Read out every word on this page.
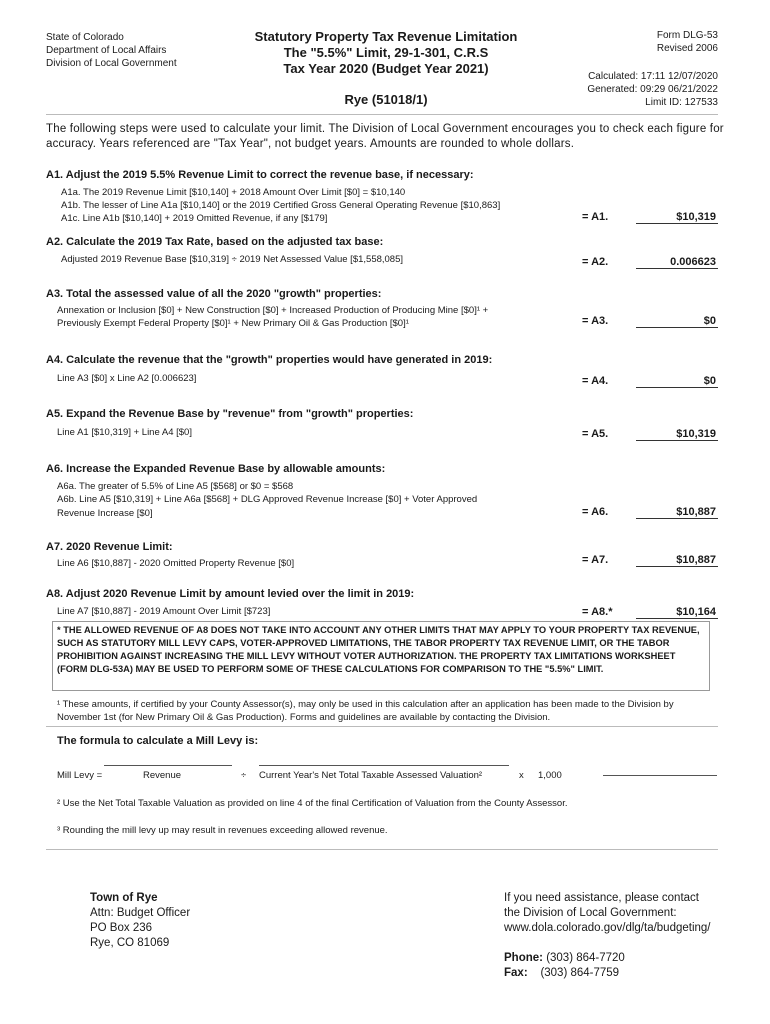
State of Colorado
Department of Local Affairs
Division of Local Government
Statutory Property Tax Revenue Limitation
The "5.5%" Limit, 29-1-301, C.R.S
Tax Year 2020 (Budget Year 2021)
Rye (51018/1)
Form DLG-53
Revised 2006
Calculated: 17:11 12/07/2020
Generated: 09:29 06/21/2022
Limit ID: 127533
The following steps were used to calculate your limit. The Division of Local Government encourages you to check each figure for
accuracy. Years referenced are "Tax Year", not budget years. Amounts are rounded to whole dollars.
A1. Adjust the 2019 5.5% Revenue Limit to correct the revenue base, if necessary:
A1a. The 2019 Revenue Limit [$10,140] + 2018 Amount Over Limit [$0] = $10,140
A1b. The lesser of Line A1a [$10,140] or the 2019 Certified Gross General Operating Revenue [$10,863]
A1c. Line A1b [$10,140] + 2019 Omitted Revenue, if any [$179]	= A1.	$10,319
A2. Calculate the 2019 Tax Rate, based on the adjusted tax base:
Adjusted 2019 Revenue Base [$10,319] ÷ 2019 Net Assessed Value [$1,558,085]	= A2.	0.006623
A3. Total the assessed value of all the 2020 "growth" properties:
Annexation or Inclusion [$0] + New Construction [$0] + Increased Production of Producing Mine [$0]¹ +
Previously Exempt Federal Property [$0]¹ + New Primary Oil & Gas Production [$0]¹	= A3.	$0
A4. Calculate the revenue that the "growth" properties would have generated in 2019:
Line A3 [$0] x Line A2 [0.006623]	= A4.	$0
A5. Expand the Revenue Base by "revenue" from "growth" properties:
Line A1 [$10,319] + Line A4 [$0]	= A5.	$10,319
A6. Increase the Expanded Revenue Base by allowable amounts:
A6a. The greater of 5.5% of Line A5 [$568] or $0 = $568
A6b. Line A5 [$10,319] + Line A6a [$568] + DLG Approved Revenue Increase [$0] + Voter Approved
Revenue Increase [$0]	= A6.	$10,887
A7. 2020 Revenue Limit:
Line A6 [$10,887] - 2020 Omitted Property Revenue [$0]	= A7.	$10,887
A8. Adjust 2020 Revenue Limit by amount levied over the limit in 2019:
Line A7 [$10,887] - 2019 Amount Over Limit [$723]	= A8.*	$10,164
* THE ALLOWED REVENUE OF A8 DOES NOT TAKE INTO ACCOUNT ANY OTHER LIMITS THAT MAY APPLY TO YOUR PROPERTY TAX REVENUE, SUCH AS STATUTORY MILL LEVY CAPS, VOTER-APPROVED LIMITATIONS, THE TABOR PROPERTY TAX REVENUE LIMIT, OR THE TABOR PROHIBITION AGAINST INCREASING THE MILL LEVY WITHOUT VOTER AUTHORIZATION. THE PROPERTY TAX LIMITATIONS WORKSHEET (FORM DLG-53A) MAY BE USED TO PERFORM SOME OF THESE CALCULATIONS FOR COMPARISON TO THE "5.5%" LIMIT.
¹ These amounts, if certified by your County Assessor(s), may only be used in this calculation after an application has been made to the Division by November 1st (for New Primary Oil & Gas Production). Forms and guidelines are available by contacting the Division.
The formula to calculate a Mill Levy is:
Mill Levy =	Revenue	÷ Current Year's Net Total Taxable Assessed Valuation²	x 1,000
² Use the Net Total Taxable Valuation as provided on line 4 of the final Certification of Valuation from the County Assessor.
³ Rounding the mill levy up may result in revenues exceeding allowed revenue.
Town of Rye
Attn: Budget Officer
PO Box 236
Rye, CO 81069
If you need assistance, please contact
the Division of Local Government:
www.dola.colorado.gov/dlg/ta/budgeting/
Phone: (303) 864-7720
Fax: (303) 864-7759
